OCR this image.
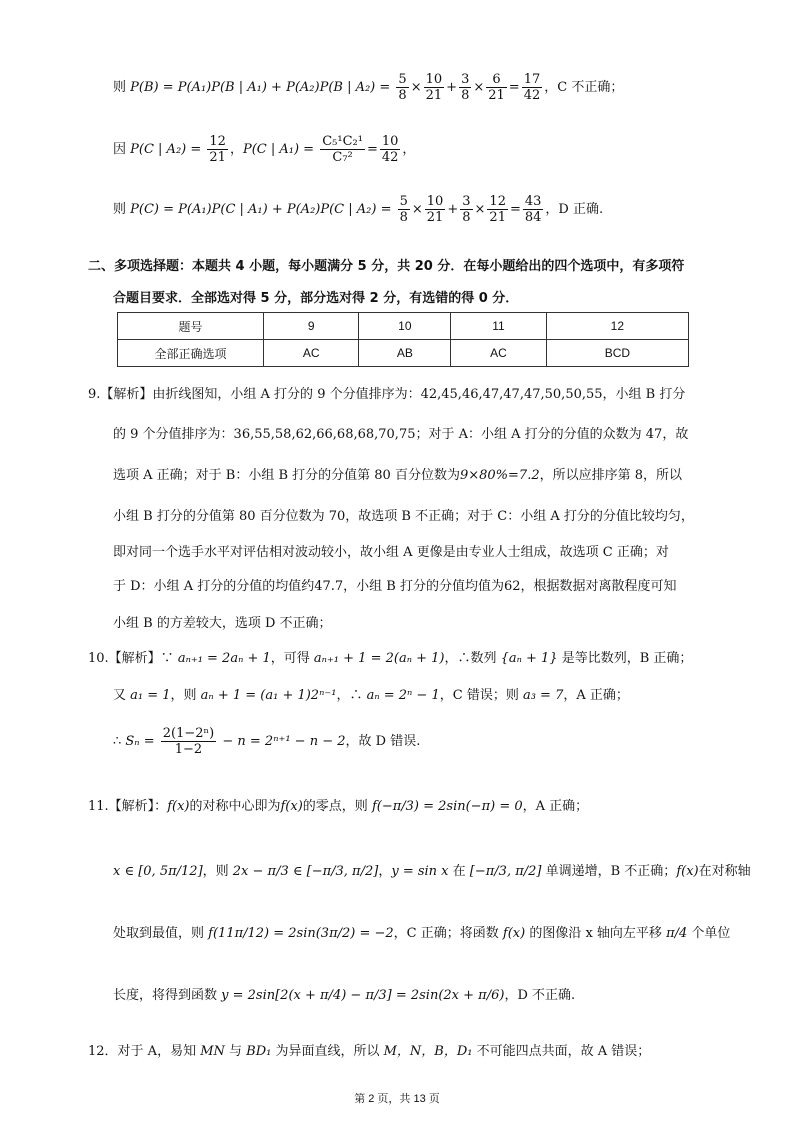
则 P(B) = P(A₁)P(B | A₁) + P(A₂)P(B | $A_2) = \frac{5}{8} \times \frac{10}{21} + \frac{3}{8} \times \frac{6}{21} = \frac{17}{42}$ ，C 不正确；
因 P(C | $A_2) = \frac{12}{21}$ ，P(C | $A_1) = \frac{\text{C₅¹C₂¹}}{\text{C₇²}} = \frac{10}{42}$ ，
则 P(C) = P(A₁)P(C | A₁) + P(A₂)P(C | $A_2) = \frac{5}{8} \times \frac{10}{21} + \frac{3}{8} \times \frac{12}{21} = \frac{43}{84}$ ，D 正确.
二、多项选择题：本题共 4 小题，每小题满分 5 分，共 20 分．在每小题给出的四个选项中，有多项符
合题目要求．全部选对得 5 分，部分选对得 2 分，有选错的得 0 分．
题号	9	10	11	12
全部正确选项	AC	AB	AC	BCD
9.【解析】由折线图知，小组 A 打分的 9 个分值排序为：42,45,46,47,47,47,50,50,55，小组 B 打分
的 9 个分值排序为：36,55,58,62,66,68,68,70,75；对于 A：小组 A 打分的分值的众数为 47，故
选项 A 正确；对于 B：小组 B 打分的分值第 80 百分位数为9×80%=7.2，所以应排序第 8，所以
小组 B 打分的分值第 80 百分位数为 70，故选项 B 不正确；对于 C：小组 A 打分的分值比较均匀，
即对同一个选手水平对评估相对波动较小，故小组 A 更像是由专业人士组成，故选项 C 正确；对
于 D：小组 A 打分的分值的均值约47.7，小组 B 打分的分值均值为62，根据数据对离散程度可知
小组 B 的方差较大，选项 D 不正确；
10.【解析】∵ aₙ₊₁ = 2aₙ + 1，可得 aₙ₊₁ + 1 = 2(aₙ + 1)，∴数列 {aₙ + 1} 是等比数列，B 正确；
又 a₁ = 1，则 aₙ + 1 = (a₁ + 1)2ⁿ⁻¹，∴ aₙ = 2ⁿ − 1，C 错误；则 a₃ = 7，A 正确；
∴ $S_n = \frac{\text{2(1−2ⁿ)}}{1-2} - n = 2^{n+1} - n - 2$，故 D 错误.
11.【解析】：f(x)的对称中心即为f(x)的零点，则 f(−π/3) = 2sin(−π) = 0，A 正确；
x ∈ [0, 5π/12]，则 2x − π/3 ∈ [−π/3, π/2]，y = sin x 在 [−π/3, π/2] 单调递增，B 不正确；f(x)在对称轴
处取到最值，则 f(11π/12) = 2sin(3π/2) = −2，C 正确；将函数 f(x) 的图像沿 x 轴向左平移 π/4 个单位
长度，将得到函数 y = 2sin[2(x + π/4) − π/3] = 2sin(2x + π/6)，D 不正确.
12．对于 A，易知 MN 与 BD₁ 为异面直线，所以 M，N，B，D₁ 不可能四点共面，故 A 错误；
第 2 页，共 13 页
